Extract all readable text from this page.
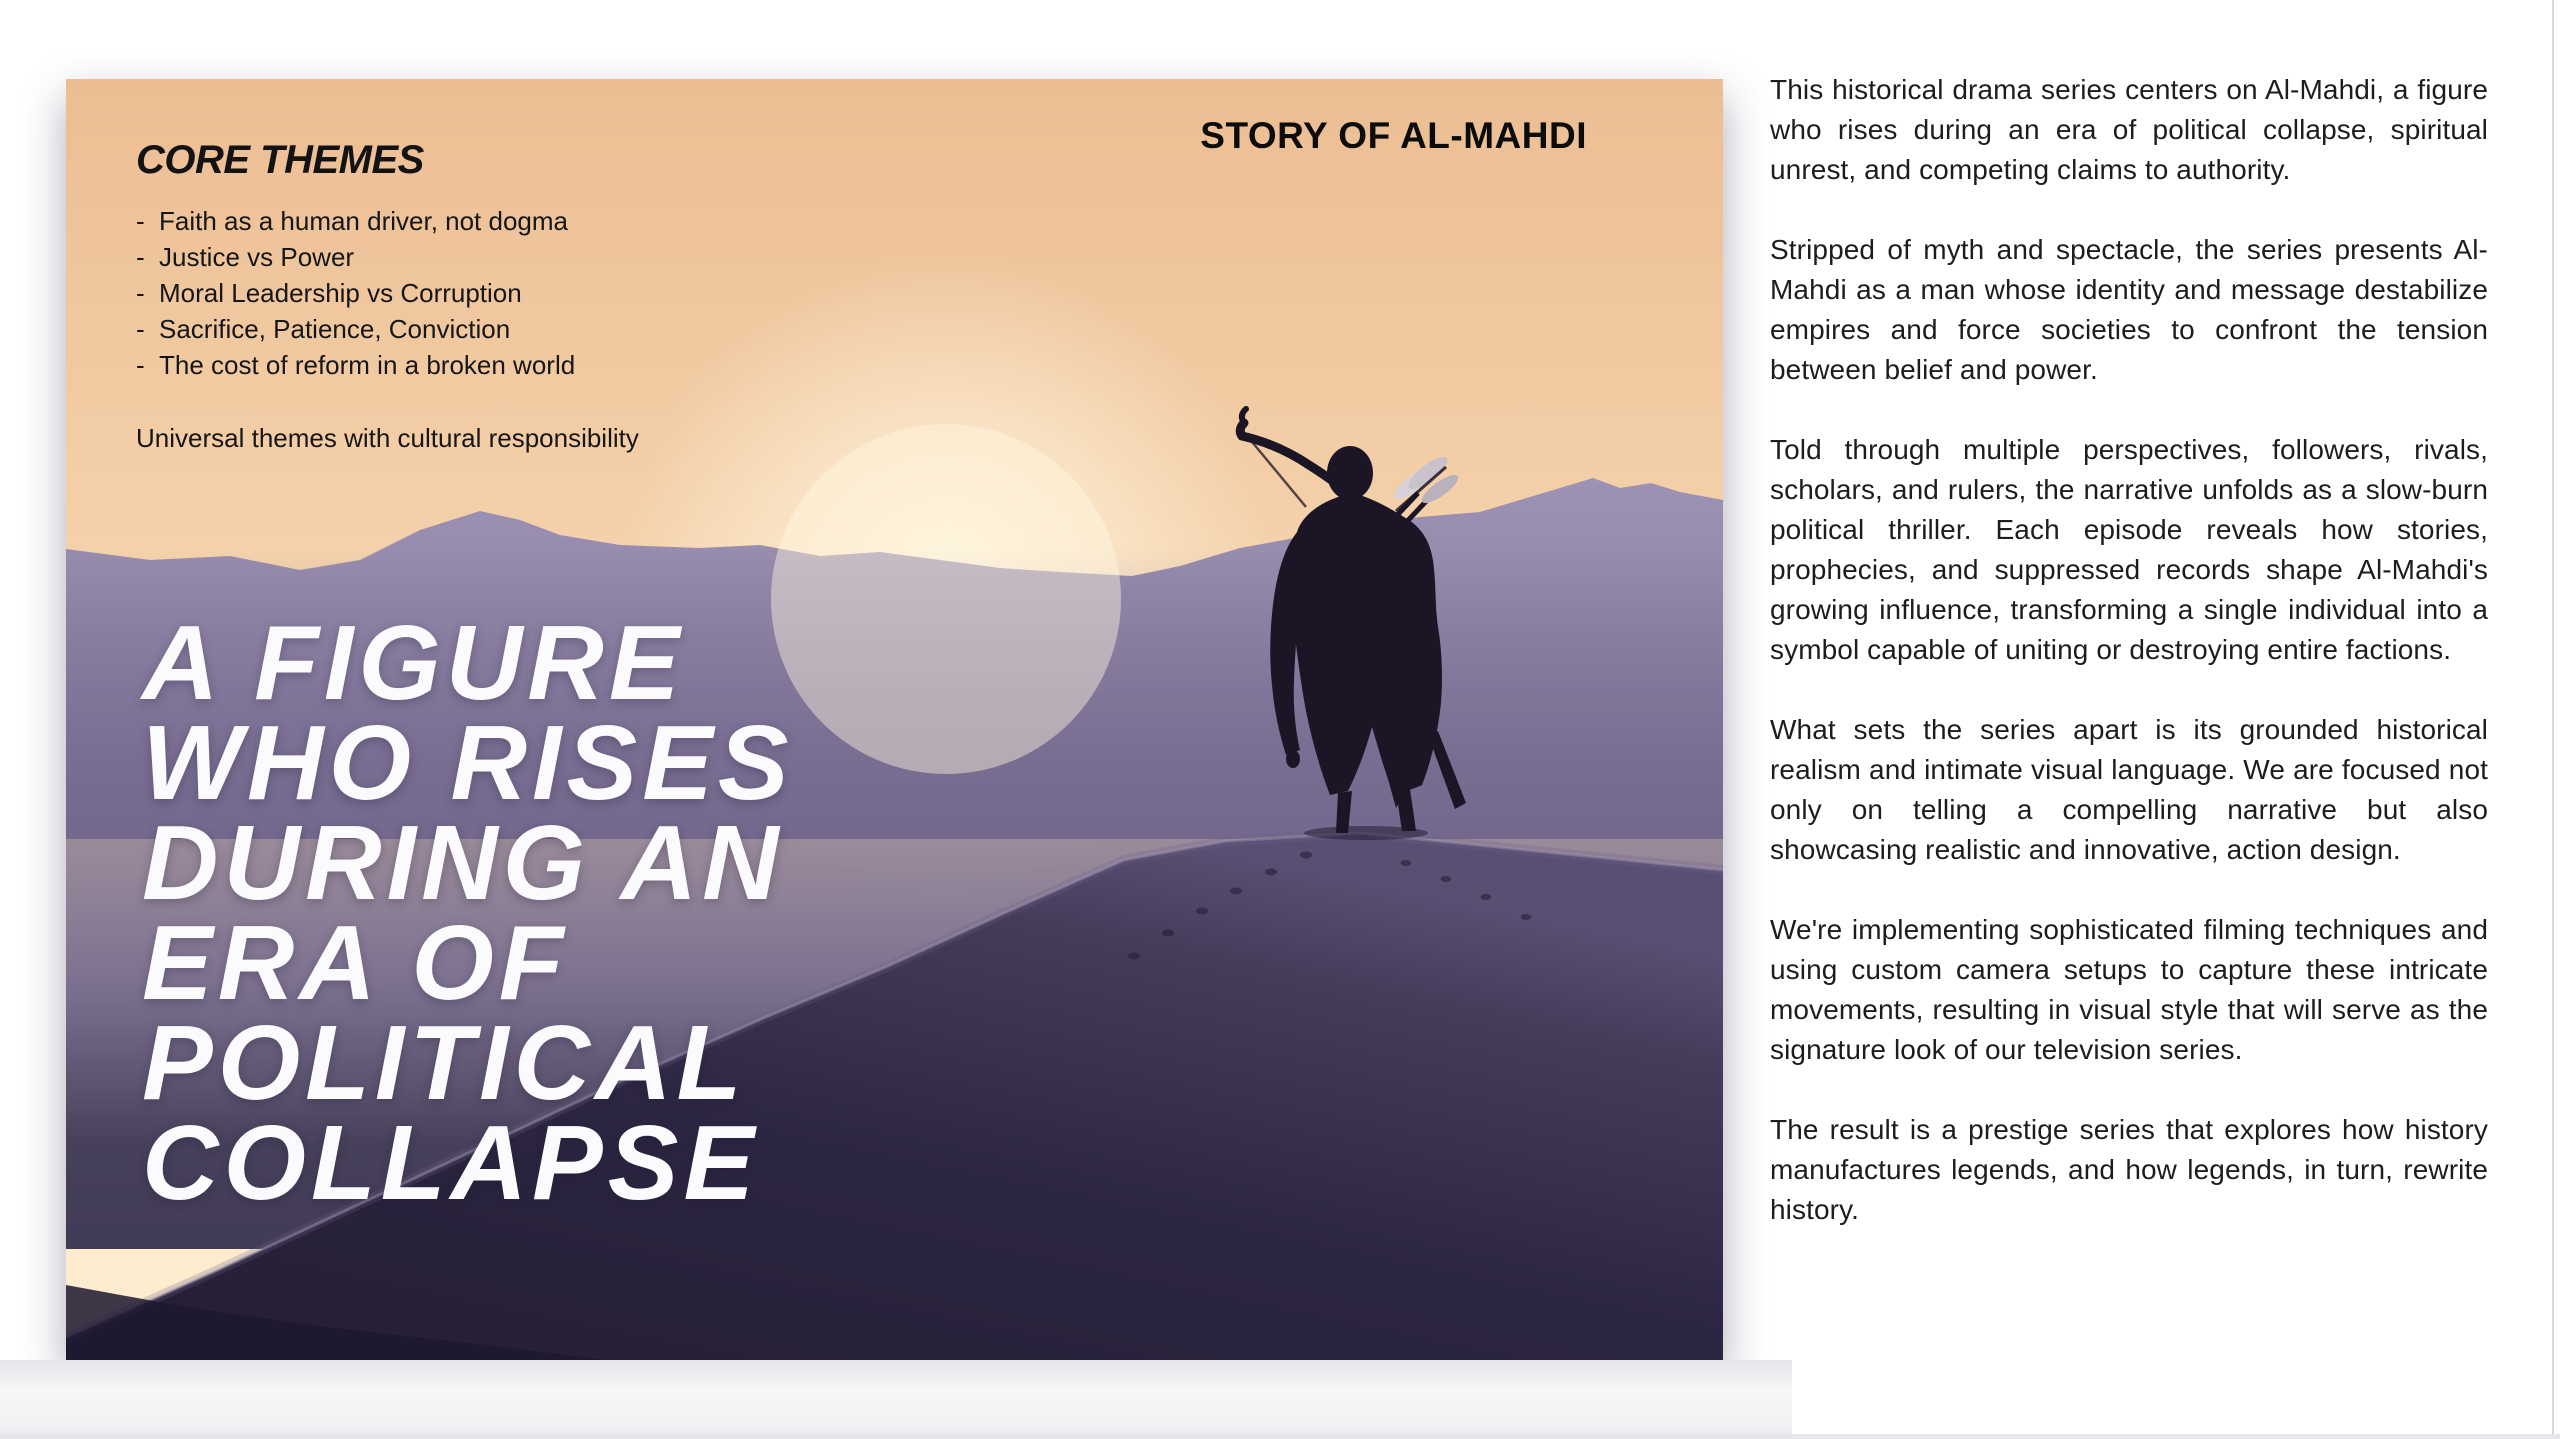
STORY OF AL-MAHDI
CORE THEMES
- Faith as a human driver, not dogma
- Justice vs Power
- Moral Leadership vs Corruption
- Sacrifice, Patience, Conviction
- The cost of reform in a broken world
Universal themes with cultural responsibility
A FIGURE
WHO RISES
DURING AN
ERA OF
POLITICAL
COLLAPSE

This historical drama series centers on Al-Mahdi, a figure who rises during an era of political collapse, spiritual unrest, and competing claims to authority.

Stripped of myth and spectacle, the series presents Al-Mahdi as a man whose identity and message destabilize empires and force societies to confront the tension between belief and power.

Told through multiple perspectives, followers, rivals, scholars, and rulers, the narrative unfolds as a slow-burn political thriller. Each episode reveals how stories, prophecies, and suppressed records shape Al-Mahdi's growing influence, transforming a single individual into a symbol capable of uniting or destroying entire factions.

What sets the series apart is its grounded historical realism and intimate visual language. We are focused not only on telling a compelling narrative but also showcasing realistic and innovative, action design.

We're implementing sophisticated filming techniques and using custom camera setups to capture these intricate movements, resulting in visual style that will serve as the signature look of our television series.

The result is a prestige series that explores how history manufactures legends, and how legends, in turn, rewrite history.
